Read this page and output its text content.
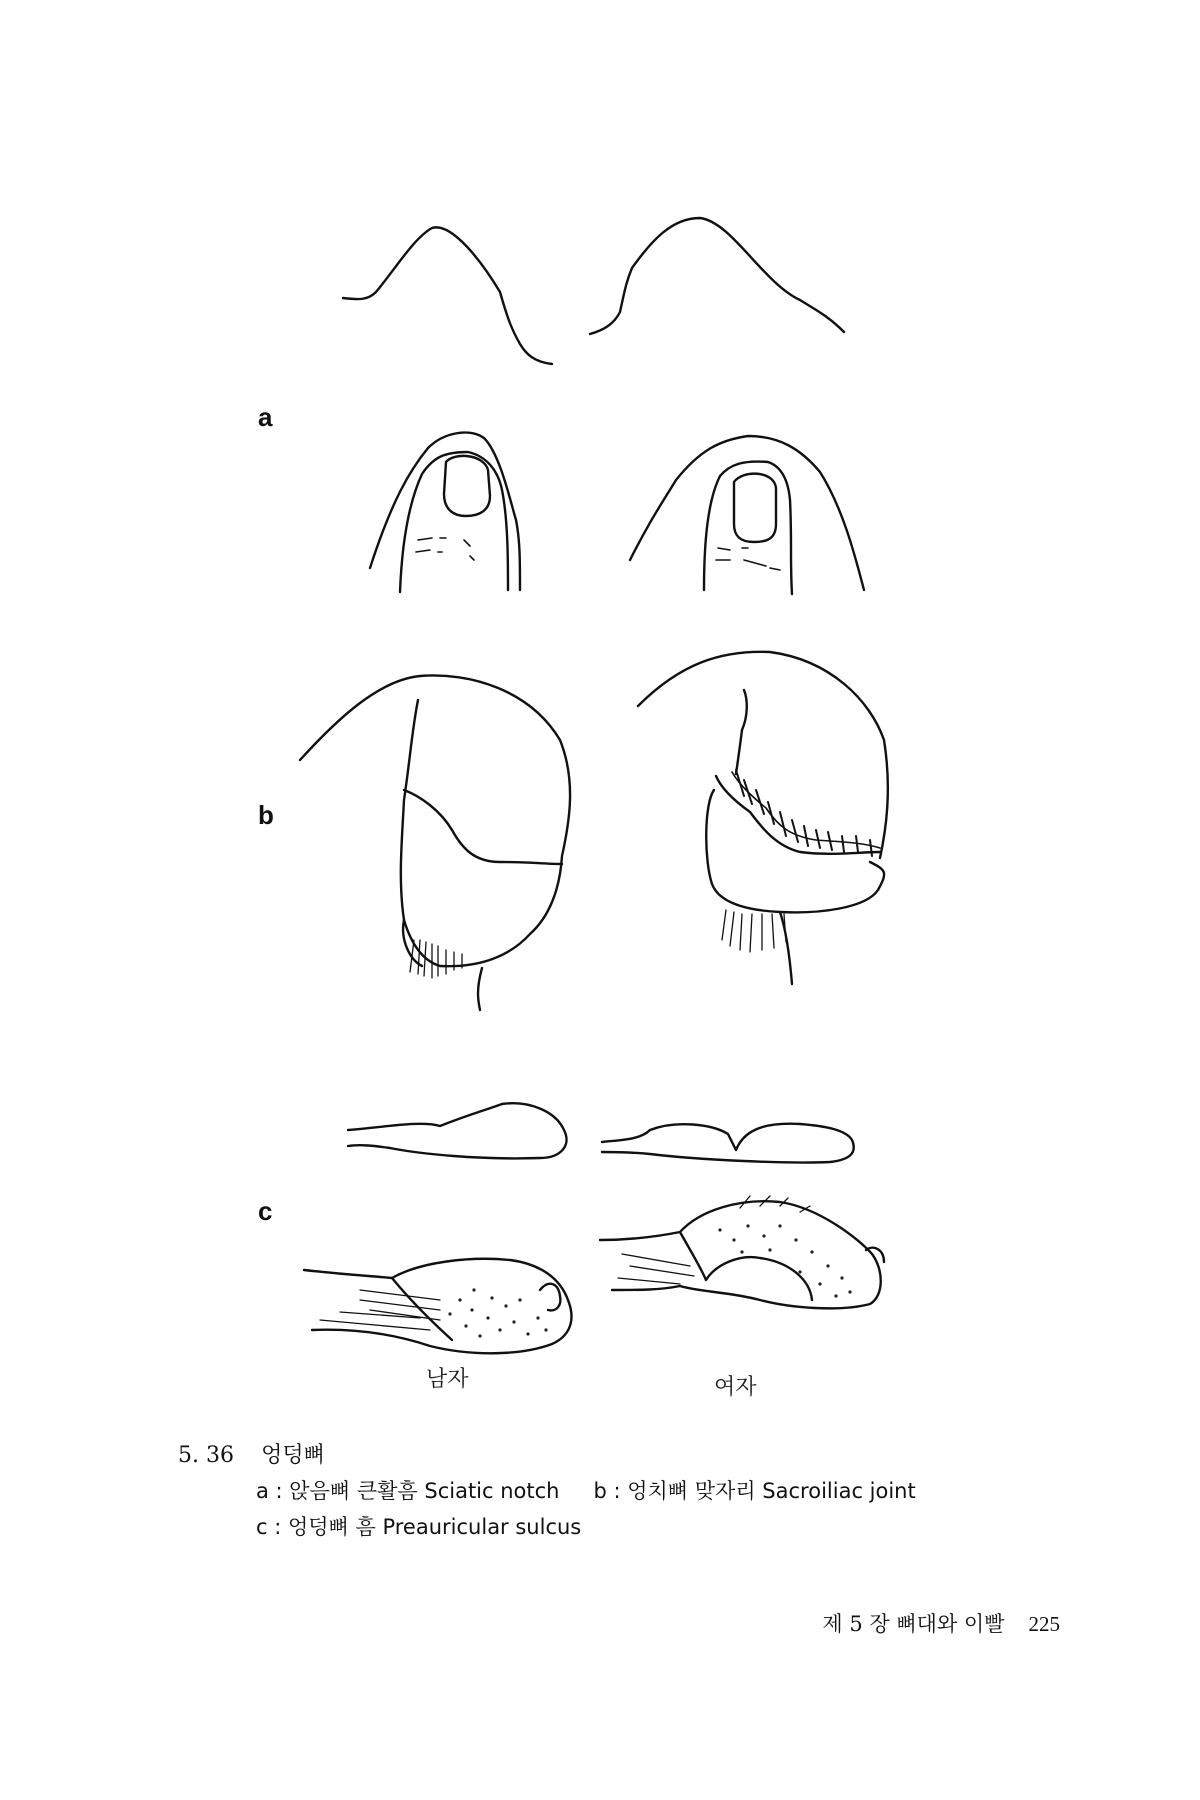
a
b
c
남자	여자
5. 36 엉덩뼈
a : 앉음뼈 큰활흠 Sciatic notch b : 엉치뼈 맞자리 Sacroiliac joint
c : 엉덩뼈 흠 Preauricular sulcus
제 5 장 뼈대와 이빨 225
